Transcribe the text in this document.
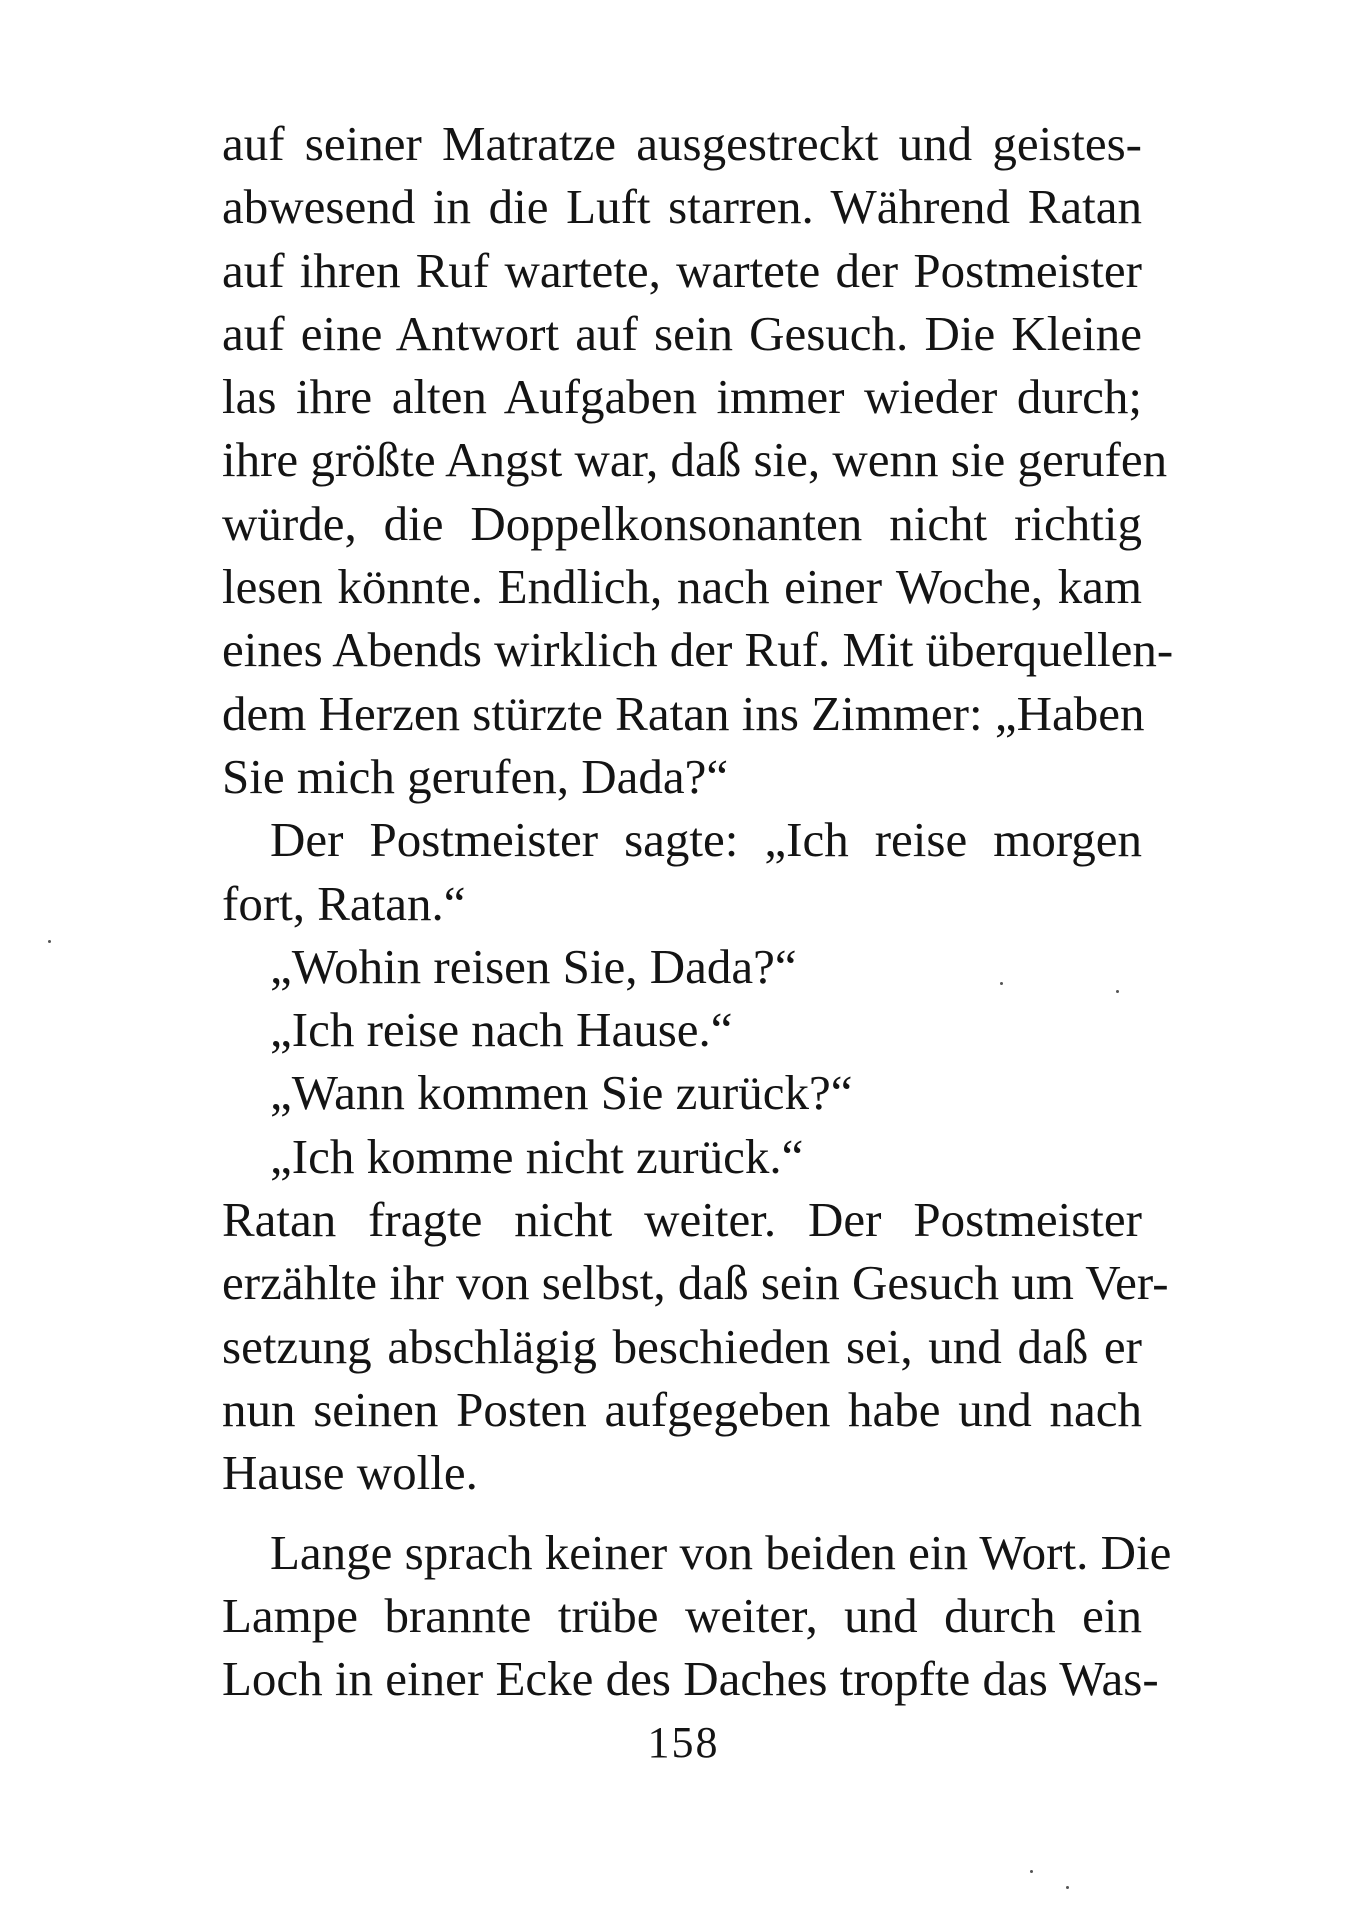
auf seiner Matratze ausgestreckt und geistes-
abwesend in die Luft starren. Während Ratan
auf ihren Ruf wartete, wartete der Postmeister
auf eine Antwort auf sein Gesuch. Die Kleine
las ihre alten Aufgaben immer wieder durch;
ihre größte Angst war, daß sie, wenn sie gerufen
würde, die Doppelkonsonanten nicht richtig
lesen könnte. Endlich, nach einer Woche, kam
eines Abends wirklich der Ruf. Mit überquellen-
dem Herzen stürzte Ratan ins Zimmer: „Haben
Sie mich gerufen, Dada?“
Der Postmeister sagte: „Ich reise morgen
fort, Ratan.“
„Wohin reisen Sie, Dada?“
„Ich reise nach Hause.“
„Wann kommen Sie zurück?“
„Ich komme nicht zurück.“
Ratan fragte nicht weiter. Der Postmeister
erzählte ihr von selbst, daß sein Gesuch um Ver-
setzung abschlägig beschieden sei, und daß er
nun seinen Posten aufgegeben habe und nach
Hause wolle.
Lange sprach keiner von beiden ein Wort. Die
Lampe brannte trübe weiter, und durch ein
Loch in einer Ecke des Daches tropfte das Was-
158
